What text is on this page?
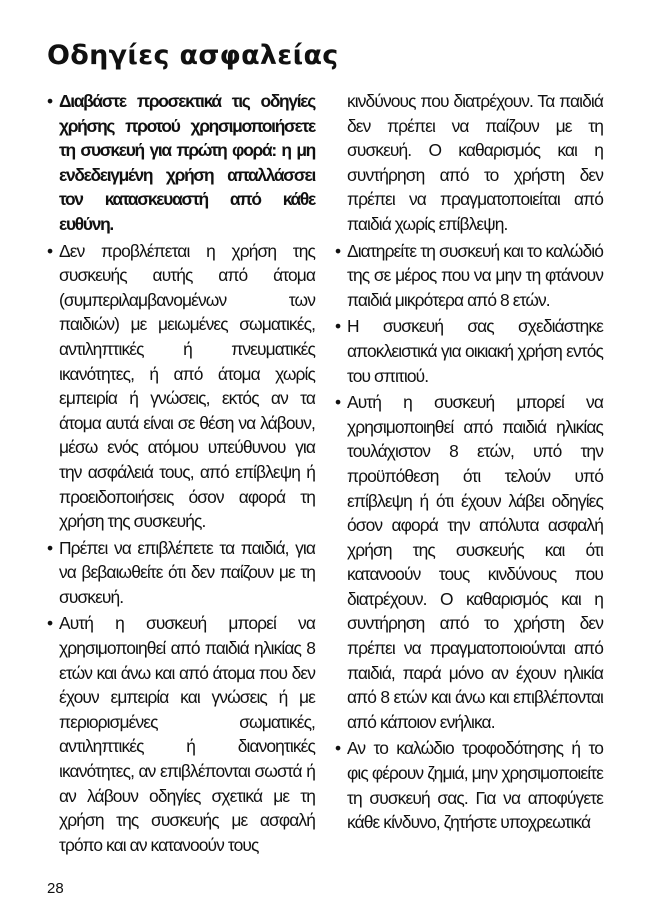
Οδηγίες ασφαλείας

• Διαβάστε προσεκτικά τις οδηγίες χρήσης προτού χρησιμοποιήσετε τη συσκευή για πρώτη φορά: η μη ενδεδειγμένη χρήση απαλλάσσει τον κατασκευαστή από κάθε ευθύνη.

• Δεν προβλέπεται η χρήση της συσκευής αυτής από άτομα (συμπεριλαμβανομένων των παιδιών) με μειωμένες σωματικές, αντιληπτικές ή πνευματικές ικανότητες, ή από άτομα χωρίς εμπειρία ή γνώσεις, εκτός αν τα άτομα αυτά είναι σε θέση να λάβουν, μέσω ενός ατόμου υπεύθυνου για την ασφάλειά τους, από επίβλεψη ή προειδοποιήσεις όσον αφορά τη χρήση της συσκευής.

• Πρέπει να επιβλέπετε τα παιδιά, για να βεβαιωθείτε ότι δεν παίζουν με τη συσκευή.

• Αυτή η συσκευή μπορεί να χρησιμοποιηθεί από παιδιά ηλικίας 8 ετών και άνω και από άτομα που δεν έχουν εμπειρία και γνώσεις ή με περιορισμένες σωματικές, αντιληπτικές ή διανοητικές ικανότητες, αν επιβλέπονται σωστά ή αν λάβουν οδηγίες σχετικά με τη χρήση της συσκευής με ασφαλή τρόπο και αν κατανοούν τους

κινδύνους που διατρέχουν. Τα παιδιά δεν πρέπει να παίζουν με τη συσκευή. Ο καθαρισμός και η συντήρηση από το χρήστη δεν πρέπει να πραγματοποιείται από παιδιά χωρίς επίβλεψη.

• Διατηρείτε τη συσκευή και το καλώδιό της σε μέρος που να μην τη φτάνουν παιδιά μικρότερα από 8 ετών.

• Η συσκευή σας σχεδιάστηκε αποκλειστικά για οικιακή χρήση εντός του σπιτιού.

• Αυτή η συσκευή μπορεί να χρησιμοποιηθεί από παιδιά ηλικίας τουλάχιστον 8 ετών, υπό την προϋπόθεση ότι τελούν υπό επίβλεψη ή ότι έχουν λάβει οδηγίες όσον αφορά την απόλυτα ασφαλή χρήση της συσκευής και ότι κατανοούν τους κινδύνους που διατρέχουν. Ο καθαρισμός και η συντήρηση από το χρήστη δεν πρέπει να πραγματοποιούνται από παιδιά, παρά μόνο αν έχουν ηλικία από 8 ετών και άνω και επιβλέπονται από κάποιον ενήλικα.

• Αν το καλώδιο τροφοδότησης ή το φις φέρουν ζημιά, μην χρησιμοποιείτε τη συσκευή σας. Για να αποφύγετε κάθε κίνδυνο, ζητήστε υποχρεωτικά

28
